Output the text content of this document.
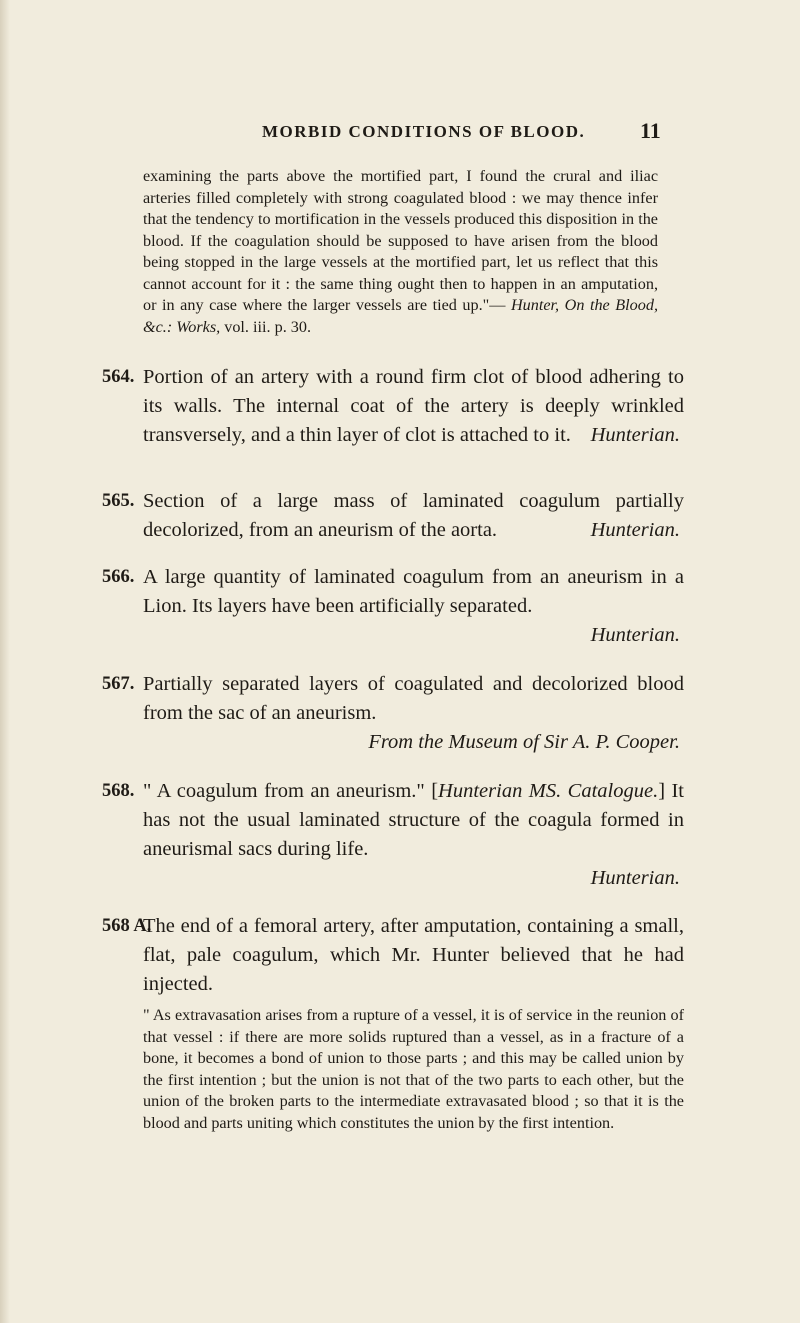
MORBID CONDITIONS OF BLOOD. 11
examining the parts above the mortified part, I found the crural and iliac arteries filled completely with strong coagulated blood : we may thence infer that the tendency to mortification in the vessels produced this disposition in the blood. If the coagulation should be supposed to have arisen from the blood being stopped in the large vessels at the mortified part, let us reflect that this cannot account for it : the same thing ought then to happen in an amputation, or in any case where the larger vessels are tied up."— Hunter, On the Blood, &c.: Works, vol. iii. p. 30.
564. Portion of an artery with a round firm clot of blood adhering to its walls. The internal coat of the artery is deeply wrinkled transversely, and a thin layer of clot is attached to it. Hunterian.
565. Section of a large mass of laminated coagulum partially decolorized, from an aneurism of the aorta.	Hunterian.
566. A large quantity of laminated coagulum from an aneurism in a Lion. Its layers have been artificially separated.
Hunterian.
567. Partially separated layers of coagulated and decolorized blood from the sac of an aneurism.
From the Museum of Sir A. P. Cooper.
568. " A coagulum from an aneurism." [Hunterian MS. Catalogue.] It has not the usual laminated structure of the coagula formed in aneurismal sacs during life.
Hunterian.
568 A.
The end of a femoral artery, after amputation, containing a small, flat, pale coagulum, which Mr. Hunter believed that he had injected.
" As extravasation arises from a rupture of a vessel, it is of service in the reunion of that vessel : if there are more solids ruptured than a vessel, as in a fracture of a bone, it becomes a bond of union to those parts ; and this may be called union by the first intention ; but the union is not that of the two parts to each other, but the union of the broken parts to the intermediate extravasated blood ; so that it is the blood and parts uniting which constitutes the union by the first intention.
